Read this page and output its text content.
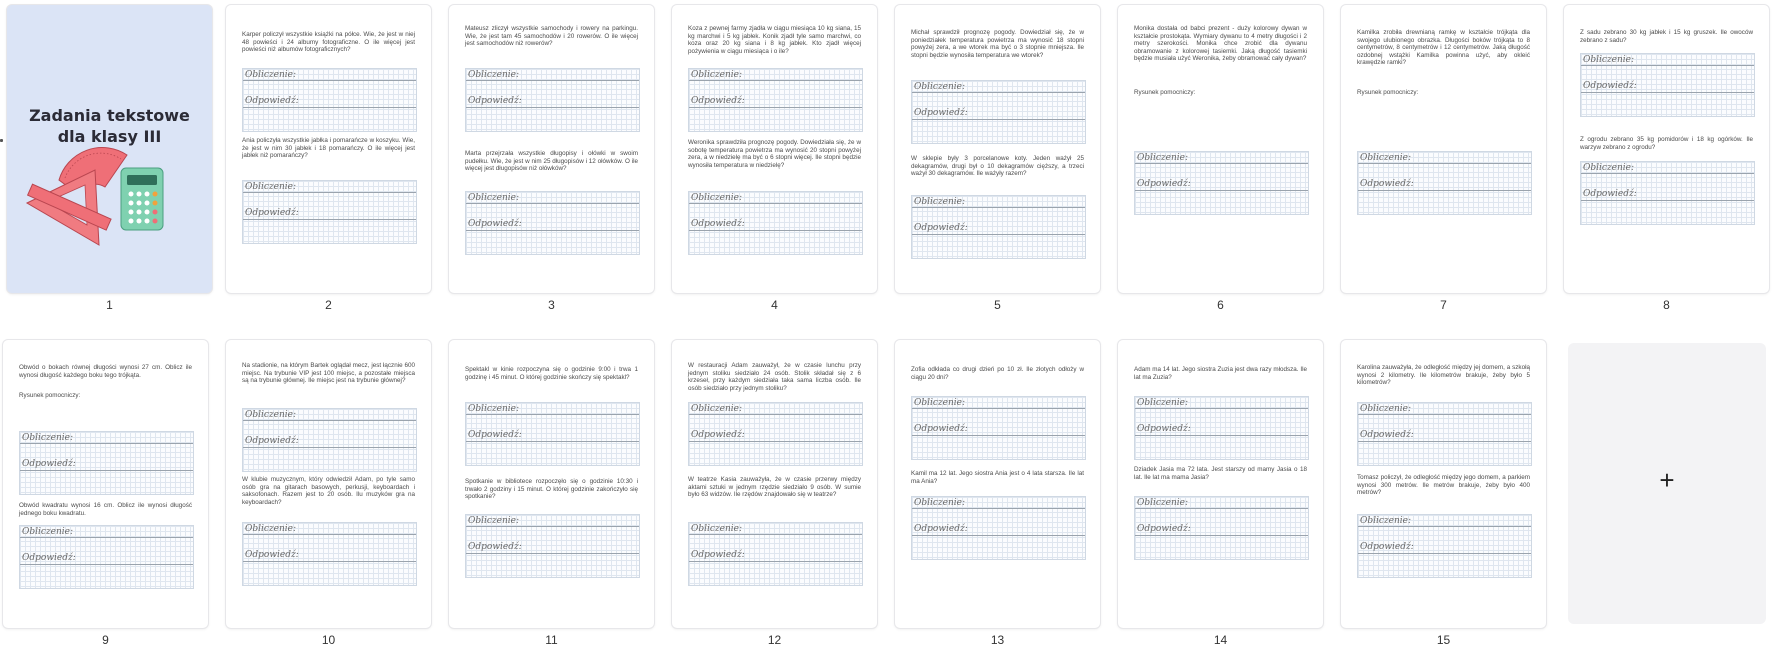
Zadania tekstowe
dla klasy III
1
Karper policzył wszystkie książki na półce. Wie, że jest w niej 48 powieści i 24 albumy fotograficzne. O ile więcej jest powieści niż albumów fotograficznych?
Obliczenie:
Odpowiedź:
Ania policzyła wszystkie jabłka i pomarańcze w koszyku. Wie, że jest w nim 30 jabłek i 18 pomarańczy. O ile więcej jest jabłek niż pomarańczy?
Obliczenie:
Odpowiedź:
2
Mateusz zliczył wszystkie samochody i rowery na parkingu. Wie, że jest tam 45 samochodów i 20 rowerów. O ile więcej jest samochodów niż rowerów?
Obliczenie:
Odpowiedź:
Marta przejrzała wszystkie długopisy i ołówki w swoim pudełku. Wie, że jest w nim 25 długopisów i 12 ołówków. O ile więcej jest długopisów niż ołówków?
Obliczenie:
Odpowiedź:
3
Koza z pewnej farmy zjadła w ciągu miesiąca 10 kg siana, 15 kg marchwi i 5 kg jabłek. Konik zjadł tyle samo marchwi, co koza oraz 20 kg siana i 8 kg jabłek. Kto zjadł więcej pożywienia w ciągu miesiąca i o ile?
Obliczenie:
Odpowiedź:
Weronika sprawdziła prognozę pogody. Dowiedziała się, że w sobotę temperatura powietrza ma wynosić 20 stopni powyżej zera, a w niedzielę ma być o 6 stopni więcej. Ile stopni będzie wynosiła temperatura w niedzielę?
Obliczenie:
Odpowiedź:
4
Michał sprawdził prognozę pogody. Dowiedział się, że w poniedziałek temperatura powietrza ma wynosić 18 stopni powyżej zera, a we wtorek ma być o 3 stopnie mniejsza. Ile stopni będzie wynosiła temperatura we wtorek?
Obliczenie:
Odpowiedź:
W sklepie były 3 porcelanowe koty. Jeden ważył 25 dekagramów, drugi był o 10 dekagramów cięższy, a trzeci ważył 30 dekagramów. Ile ważyły razem?
Obliczenie:
Odpowiedź:
5
Monika dostała od babci prezent - duży kolorowy dywan w kształcie prostokąta. Wymiary dywanu to 4 metry długości i 2 metry szerokości. Monika chce zrobić dla dywanu obramowanie z kolorowej tasiemki. Jaką długość tasiemki będzie musiała użyć Weronika, żeby obramować cały dywan?
Rysunek pomocniczy:
Obliczenie:
Odpowiedź:
6
Kamilka zrobiła drewnianą ramkę w kształcie trójkąta dla swojego ulubionego obrazka. Długości boków trójkąta to 8 centymetrów, 8 centymetrów i 12 centymetrów. Jaką długość ozdobnej wstążki Kamilka powinna użyć, aby okleić krawędzie ramki?
Rysunek pomocniczy:
Obliczenie:
Odpowiedź:
7
Z sadu zebrano 30 kg jabłek i 15 kg gruszek. Ile owoców zebrano z sadu?
Obliczenie:
Odpowiedź:
Z ogrodu zebrano 35 kg pomidorów i 18 kg ogórków. Ile warzyw zebrano z ogrodu?
Obliczenie:
Odpowiedź:
8
Obwód o bokach równej długości wynosi 27 cm. Oblicz ile wynosi długość każdego boku tego trójkąta.
Rysunek pomocniczy:
Obliczenie:
Odpowiedź:
Obwód kwadratu wynosi 16 cm. Oblicz ile wynosi długość jednego boku kwadratu.
Obliczenie:
Odpowiedź:
9
Na stadionie, na którym Bartek oglądał mecz, jest łącznie 600 miejsc. Na trybunie VIP jest 100 miejsc, a pozostałe miejsca są na trybunie głównej. Ile miejsc jest na trybunie głównej?
Obliczenie:
Odpowiedź:
W klubie muzycznym, który odwiedził Adam, po tyle samo osób gra na gitarach basowych, perkusji, keyboardach i saksofonach. Razem jest to 20 osób. Ilu muzyków gra na keyboardach?
Obliczenie:
Odpowiedź:
10
Spektakl w kinie rozpoczyna się o godzinie 9:00 i trwa 1 godzinę i 45 minut. O której godzinie skończy się spektakl?
Obliczenie:
Odpowiedź:
Spotkanie w bibliotece rozpoczęło się o godzinie 10:30 i trwało 2 godziny i 15 minut. O której godzinie zakończyło się spotkanie?
Obliczenie:
Odpowiedź:
11
W restauracji Adam zauważył, że w czasie lunchu przy jednym stoliku siedziało 24 osób. Stolik składał się z 6 krzeseł, przy każdym siedziała taka sama liczba osób. Ile osób siedziało przy jednym stoliku?
Obliczenie:
Odpowiedź:
W teatrze Kasia zauważyła, że w czasie przerwy między aktami sztuki w jednym rzędzie siedziało 9 osób. W sumie było 63 widzów. Ile rzędów znajdowało się w teatrze?
Obliczenie:
Odpowiedź:
12
Zofia odkłada co drugi dzień po 10 zł. Ile złotych odłoży w ciągu 20 dni?
Obliczenie:
Odpowiedź:
Kamil ma 12 lat. Jego siostra Ania jest o 4 lata starsza. Ile lat ma Ania?
Obliczenie:
Odpowiedź:
13
Adam ma 14 lat. Jego siostra Zuzia jest dwa razy młodsza. Ile lat ma Zuzia?
Obliczenie:
Odpowiedź:
Dziadek Jasia ma 72 lata. Jest starszy od mamy Jasia o 18 lat. Ile lat ma mama Jasia?
Obliczenie:
Odpowiedź:
14
Karolina zauważyła, że odległość między jej domem, a szkołą wynosi 2 kilometry. Ile kilometrów brakuje, żeby było 5 kilometrów?
Obliczenie:
Odpowiedź:
Tomasz policzył, że odległość między jego domem, a parkiem wynosi 300 metrów. Ile metrów brakuje, żeby było 400 metrów?
Obliczenie:
Odpowiedź:
15
+
